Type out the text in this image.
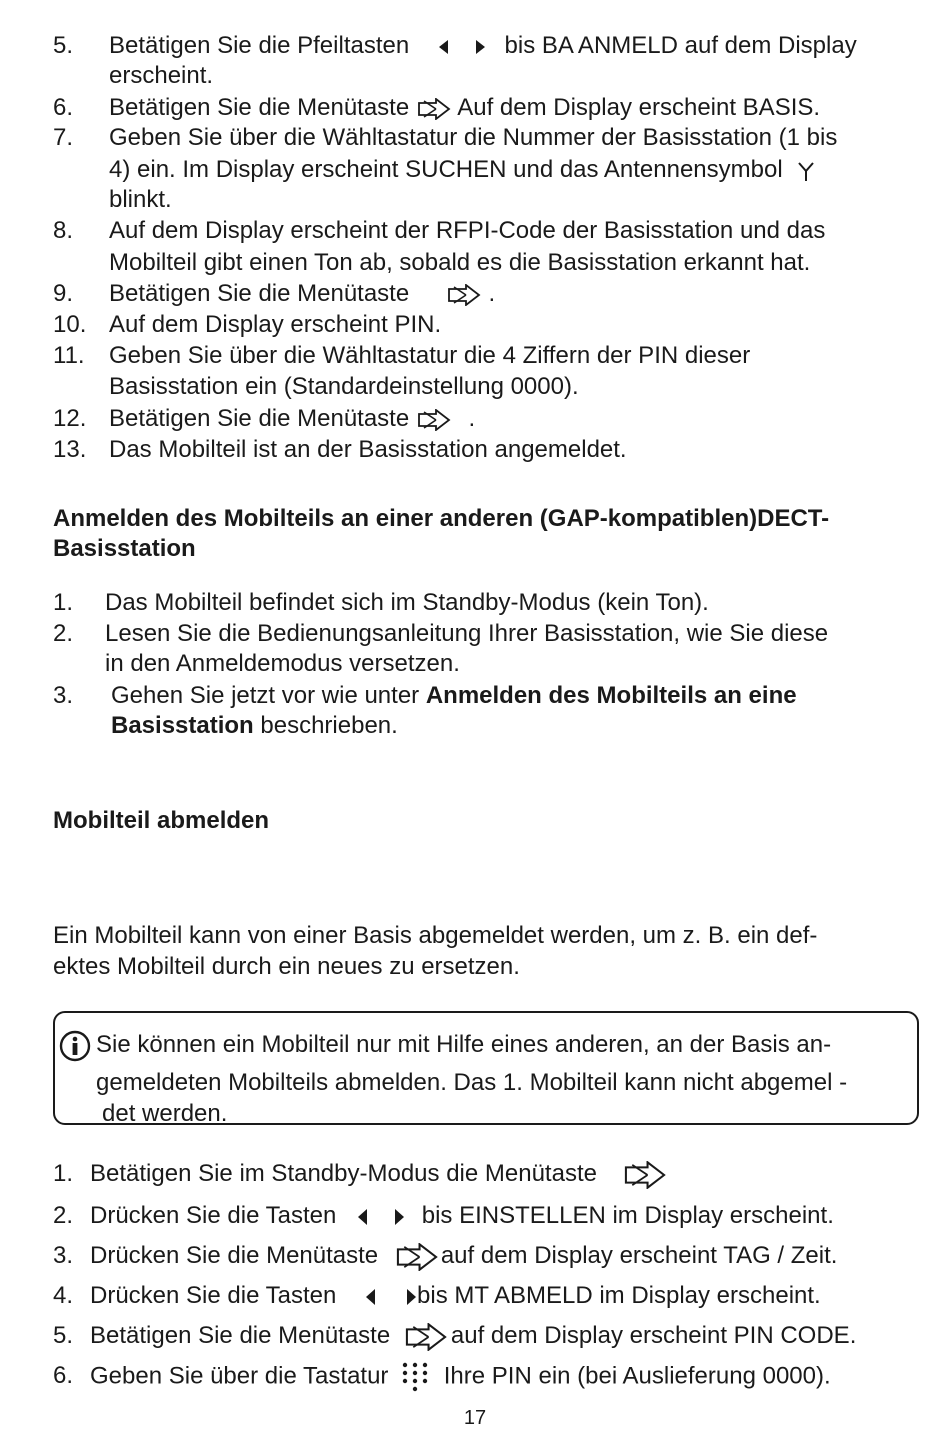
5. Betätigen Sie die Pfeiltasten	bis BA ANMELD auf dem Display
erscheint.
6. Betätigen Sie die Menütaste Auf dem Display erscheint BASIS.
7. Geben Sie über die Wähltastatur die Nummer der Basisstation (1 bis
4) ein. Im Display erscheint SUCHEN und das Antennensymbol
blinkt.
8. Auf dem Display erscheint der RFPI-Code der Basisstation und das
Mobilteil gibt einen Ton ab, sobald es die Basisstation erkannt hat.
9. Betätigen Sie die Menütaste	.
10. Auf dem Display erscheint PIN.
11. Geben Sie über die Wähltastatur die 4 Ziffern der PIN dieser
Basisstation ein (Standardeinstellung 0000).
12. Betätigen Sie die Menütaste .
13. Das Mobilteil ist an der Basisstation angemeldet.
Anmelden des Mobilteils an einer anderen (GAP-kompatiblen)DECT-
Basisstation
1. Das Mobilteil befindet sich im Standby-Modus (kein Ton).
2. Lesen Sie die Bedienungsanleitung Ihrer Basisstation, wie Sie diese
in den Anmeldemodus versetzen.
3. Gehen Sie jetzt vor wie unter Anmelden des Mobilteils an eine
Basisstation beschrieben.
Mobilteil abmelden
Ein Mobilteil kann von einer Basis abgemeldet werden, um z. B. ein def-
ektes Mobilteil durch ein neues zu ersetzen.
Sie können ein Mobilteil nur mit Hilfe eines anderen, an der Basis an-
gemeldeten Mobilteils abmelden. Das 1. Mobilteil kann nicht abgemel -
det werden.
1. Betätigen Sie im Standby-Modus die Menütaste
2. Drücken Sie die Tasten	bis EINSTELLEN im Display erscheint.
3. Drücken Sie die Menütaste	auf dem Display erscheint TAG / Zeit.
4. Drücken Sie die Tasten	bis MT ABMELD im Display erscheint.
5. Betätigen Sie die Menütaste	auf dem Display erscheint PIN CODE.
6. Geben Sie über die Tastatur Ihre PIN ein (bei Auslieferung 0000).
17
